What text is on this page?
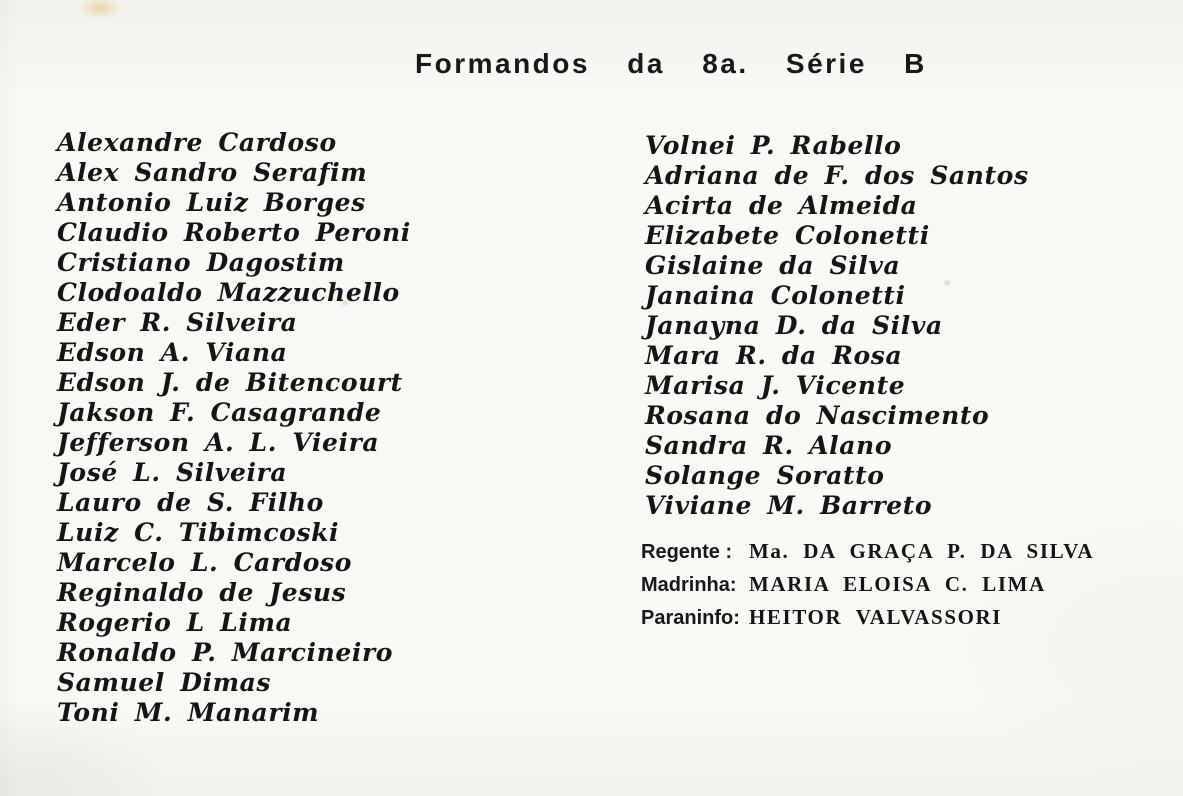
Formandos da 8a. Série B
Alexandre Cardoso
Alex Sandro Serafim
Antonio Luiz Borges
Claudio Roberto Peroni
Cristiano Dagostim
Clodoaldo Mazzuchello
Eder R. Silveira
Edson A. Viana
Edson J. de Bitencourt
Jakson F. Casagrande
Jefferson A. L. Vieira
José L. Silveira
Lauro de S. Filho
Luiz C. Tibimcoski
Marcelo L. Cardoso
Reginaldo de Jesus
Rogerio L Lima
Ronaldo P. Marcineiro
Samuel Dimas
Toni M. Manarim
Volnei P. Rabello
Adriana de F. dos Santos
Acirta de Almeida
Elizabete Colonetti
Gislaine da Silva
Janaina Colonetti
Janayna D. da Silva
Mara R. da Rosa
Marisa J. Vicente
Rosana do Nascimento
Sandra R. Alano
Solange Soratto
Viviane M. Barreto
Regente : Ma. DA GRAÇA P. DA SILVA
Madrinha: MARIA ELOISA C. LIMA
Paraninfo: HEITOR VALVASSORI
